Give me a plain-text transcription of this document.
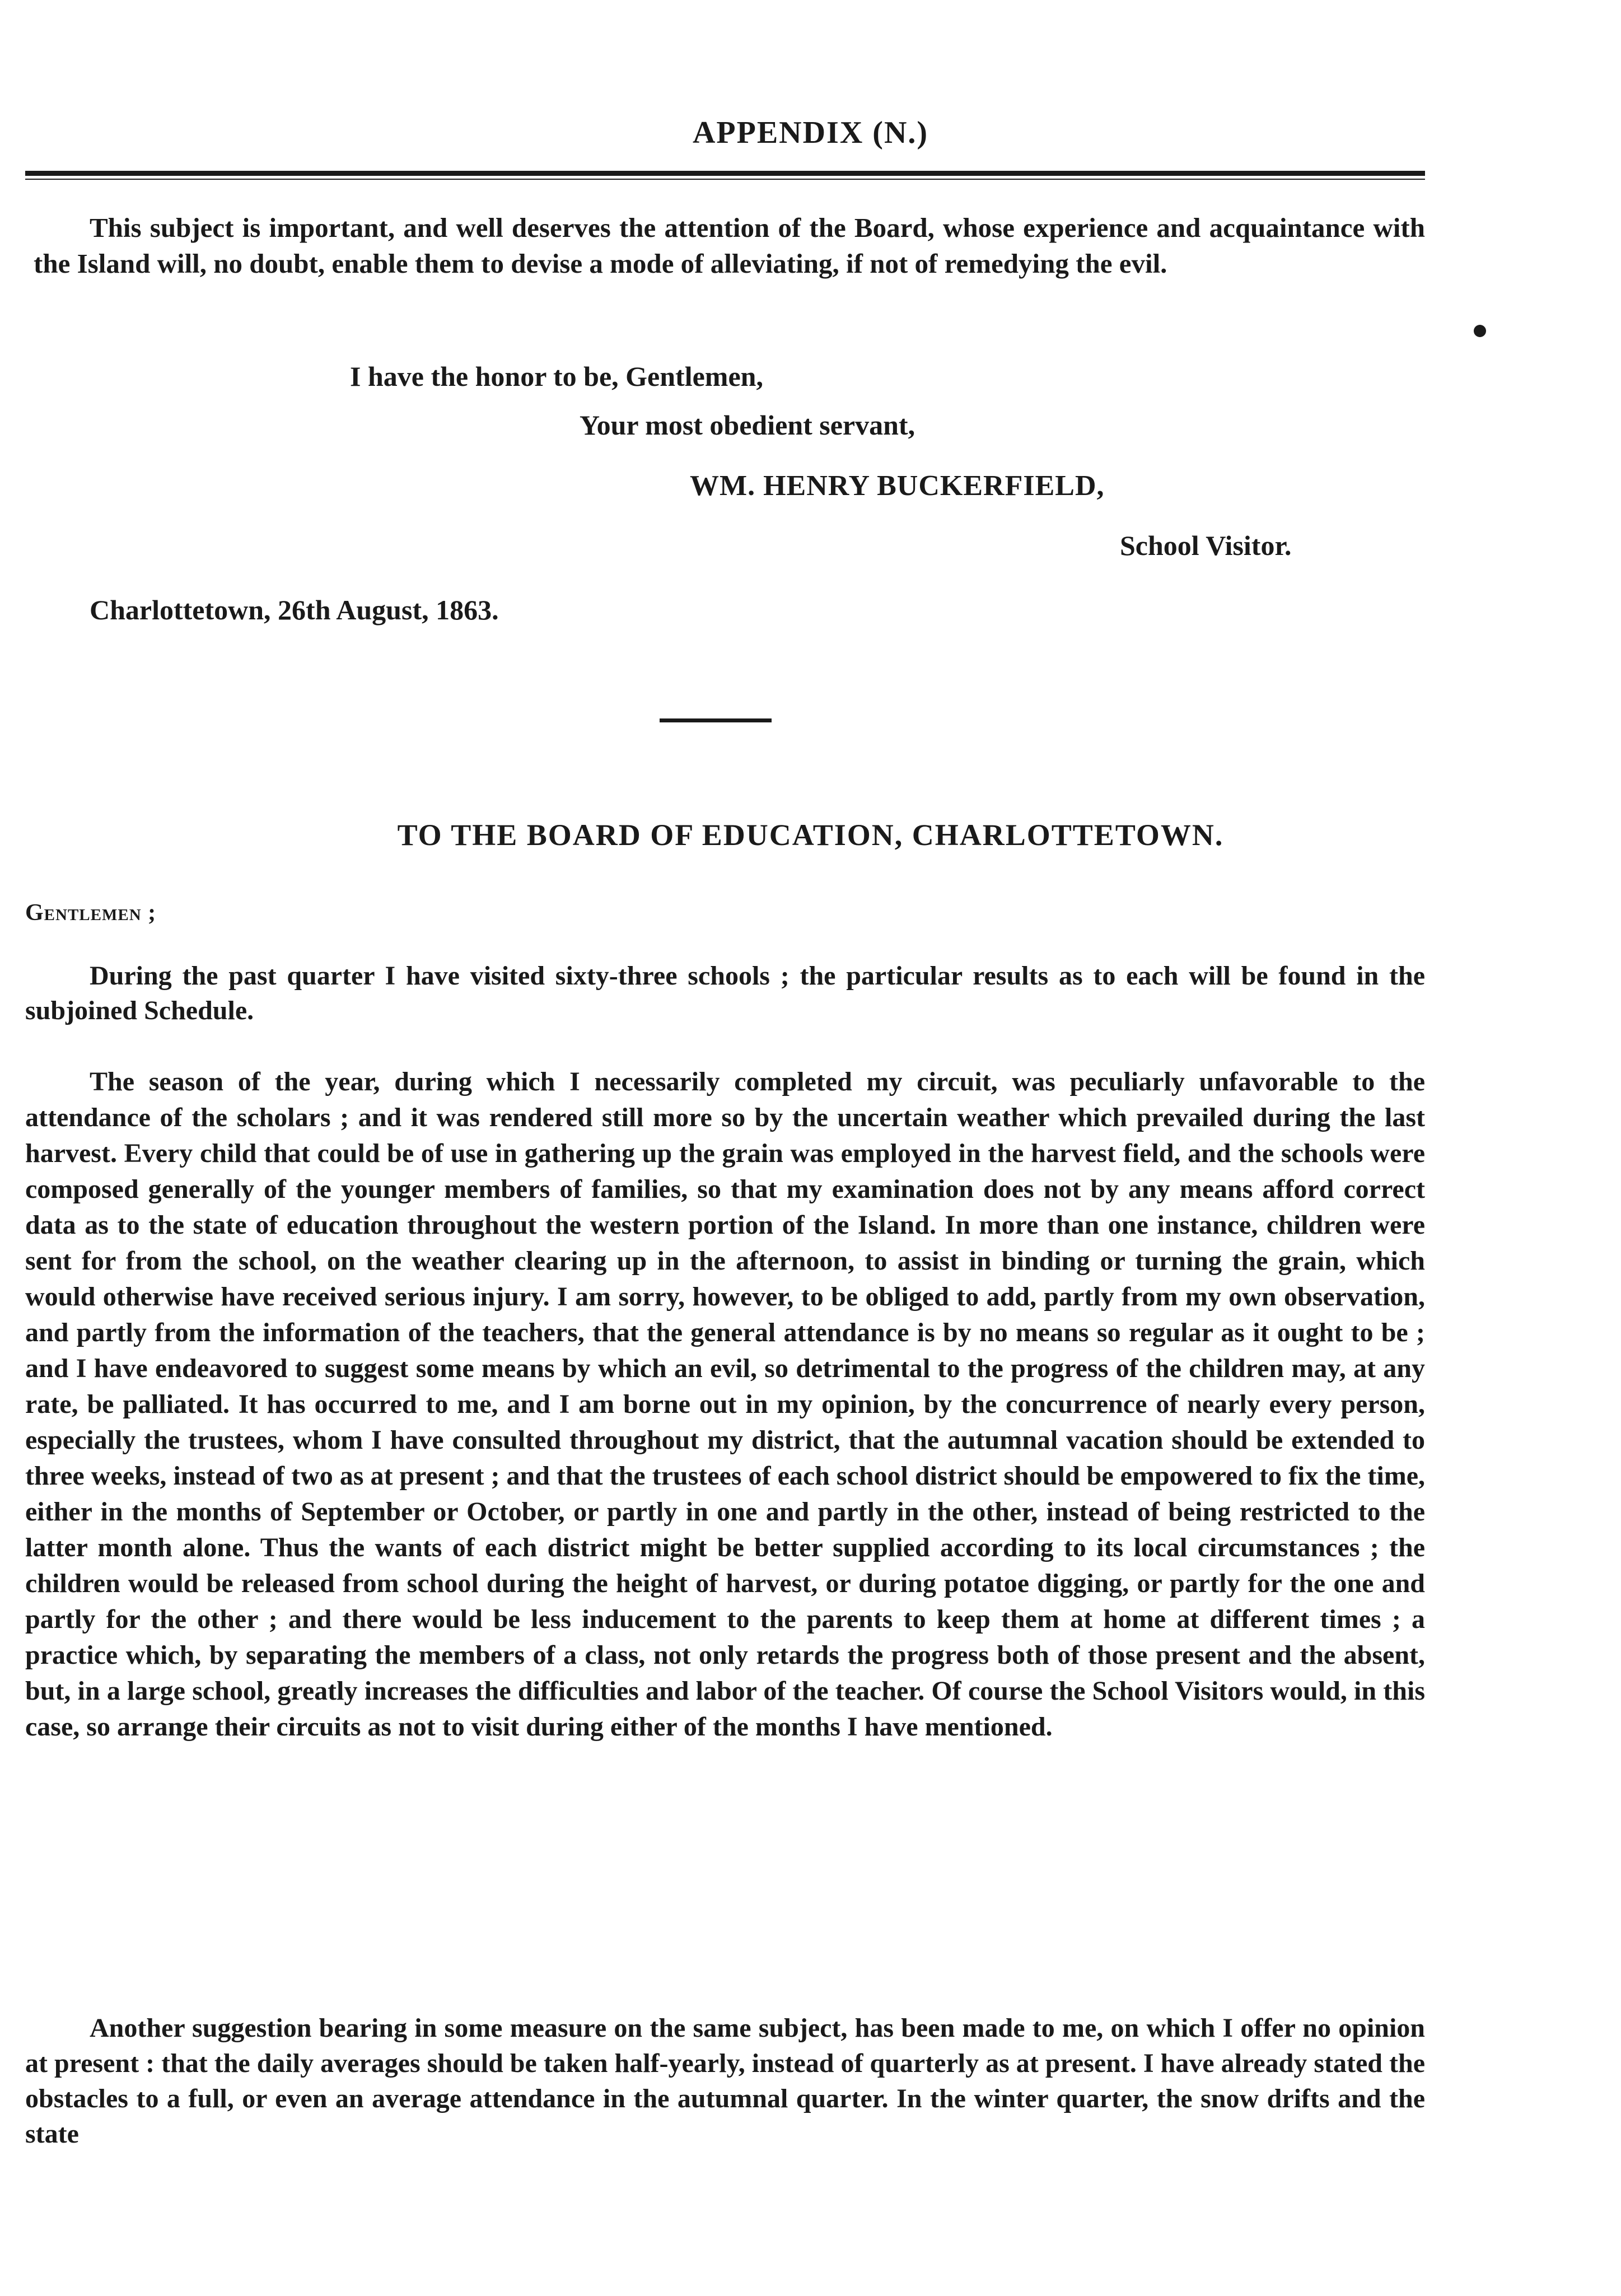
APPENDIX (N.)

This subject is important, and well deserves the attention of the Board, whose experience and acquaintance with the Island will, no doubt, enable them to devise a mode of alleviating, if not of remedying the evil.

I have the honor to be, Gentlemen,
Your most obedient servant,
WM. HENRY BUCKERFIELD,
School Visitor.
Charlottetown, 26th August, 1863.
TO THE BOARD OF EDUCATION, CHARLOTTETOWN.
Gentlemen ;

During the past quarter I have visited sixty-three schools ; the particular results as to each will be found in the subjoined Schedule.

The season of the year, during which I necessarily completed my circuit, was peculiarly unfavorable to the attendance of the scholars ; and it was rendered still more so by the uncertain weather which prevailed during the last harvest. Every child that could be of use in gathering up the grain was employed in the harvest field, and the schools were composed generally of the younger members of families, so that my examination does not by any means afford correct data as to the state of education throughout the western portion of the Island. In more than one instance, children were sent for from the school, on the weather clearing up in the afternoon, to assist in binding or turning the grain, which would otherwise have received serious injury. I am sorry, however, to be obliged to add, partly from my own observation, and partly from the information of the teachers, that the general attendance is by no means so regular as it ought to be ; and I have endeavored to suggest some means by which an evil, so detrimental to the progress of the children may, at any rate, be palliated. It has occurred to me, and I am borne out in my opinion, by the concurrence of nearly every person, especially the trustees, whom I have consulted throughout my district, that the autumnal vacation should be extended to three weeks, instead of two as at present ; and that the trustees of each school district should be empowered to fix the time, either in the months of September or October, or partly in one and partly in the other, instead of being restricted to the latter month alone. Thus the wants of each district might be better supplied according to its local circumstances ; the children would be released from school during the height of harvest, or during potatoe digging, or partly for the one and partly for the other ; and there would be less inducement to the parents to keep them at home at different times ; a practice which, by separating the members of a class, not only retards the progress both of those present and the absent, but, in a large school, greatly increases the difficulties and labor of the teacher. Of course the School Visitors would, in this case, so arrange their circuits as not to visit during either of the months I have mentioned.

Another suggestion bearing in some measure on the same subject, has been made to me, on which I offer no opinion at present : that the daily averages should be taken half-yearly, instead of quarterly as at present. I have already stated the obstacles to a full, or even an average attendance in the autumnal quarter. In the winter quarter, the snow drifts and the state
